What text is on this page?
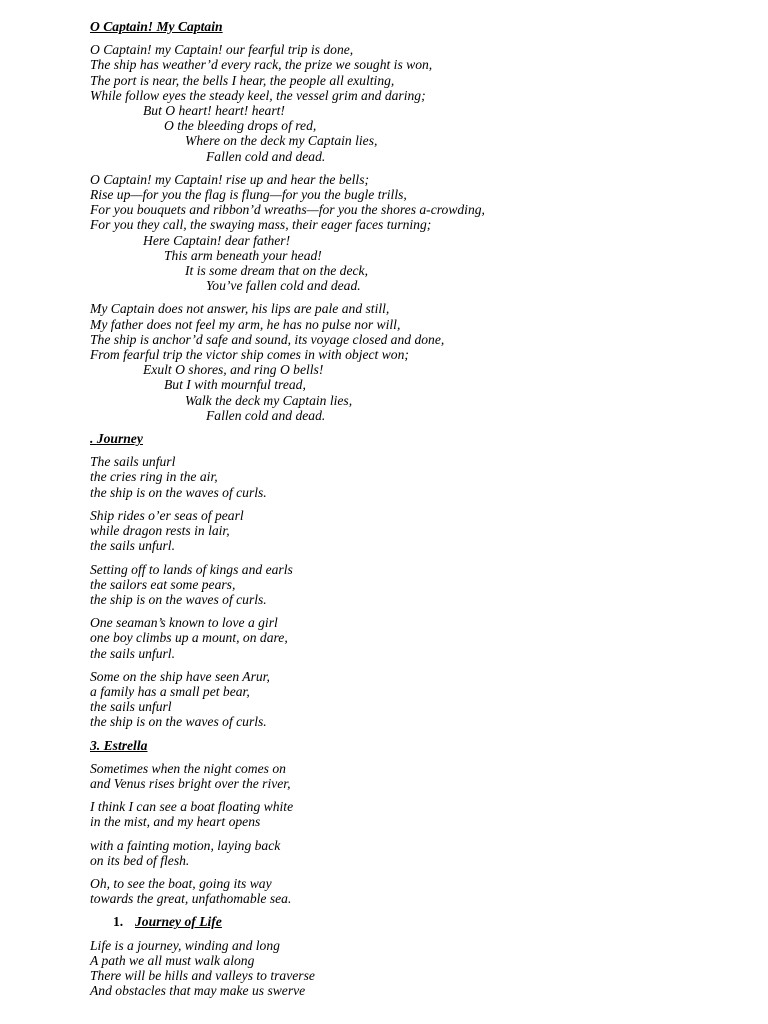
O Captain! My Captain
O Captain! my Captain! our fearful trip is done,
The ship has weather’d every rack, the prize we sought is won,
The port is near, the bells I hear, the people all exulting,
While follow eyes the steady keel, the vessel grim and daring;
But O heart! heart! heart!
O the bleeding drops of red,
Where on the deck my Captain lies,
Fallen cold and dead.
O Captain! my Captain! rise up and hear the bells;
Rise up—for you the flag is flung—for you the bugle trills,
For you bouquets and ribbon’d wreaths—for you the shores a-crowding,
For you they call, the swaying mass, their eager faces turning;
Here Captain! dear father!
This arm beneath your head!
It is some dream that on the deck,
You’ve fallen cold and dead.
My Captain does not answer, his lips are pale and still,
My father does not feel my arm, he has no pulse nor will,
The ship is anchor’d safe and sound, its voyage closed and done,
From fearful trip the victor ship comes in with object won;
Exult O shores, and ring O bells!
But I with mournful tread,
Walk the deck my Captain lies,
Fallen cold and dead.
. Journey
The sails unfurl
the cries ring in the air,
the ship is on the waves of curls.
Ship rides o’er seas of pearl
while dragon rests in lair,
the sails unfurl.
Setting off to lands of kings and earls
the sailors eat some pears,
the ship is on the waves of curls.
One seaman’s known to love a girl
one boy climbs up a mount, on dare,
the sails unfurl.
Some on the ship have seen Arur,
a family has a small pet bear,
the sails unfurl
the ship is on the waves of curls.
3. Estrella
Sometimes when the night comes on
and Venus rises bright over the river,
I think I can see a boat floating white
in the mist, and my heart opens
with a fainting motion, laying back
on its bed of flesh.
Oh, to see the boat, going its way
towards the great, unfathomable sea.
1. Journey of Life
Life is a journey, winding and long
A path we all must walk along
There will be hills and valleys to traverse
And obstacles that may make us swerve
